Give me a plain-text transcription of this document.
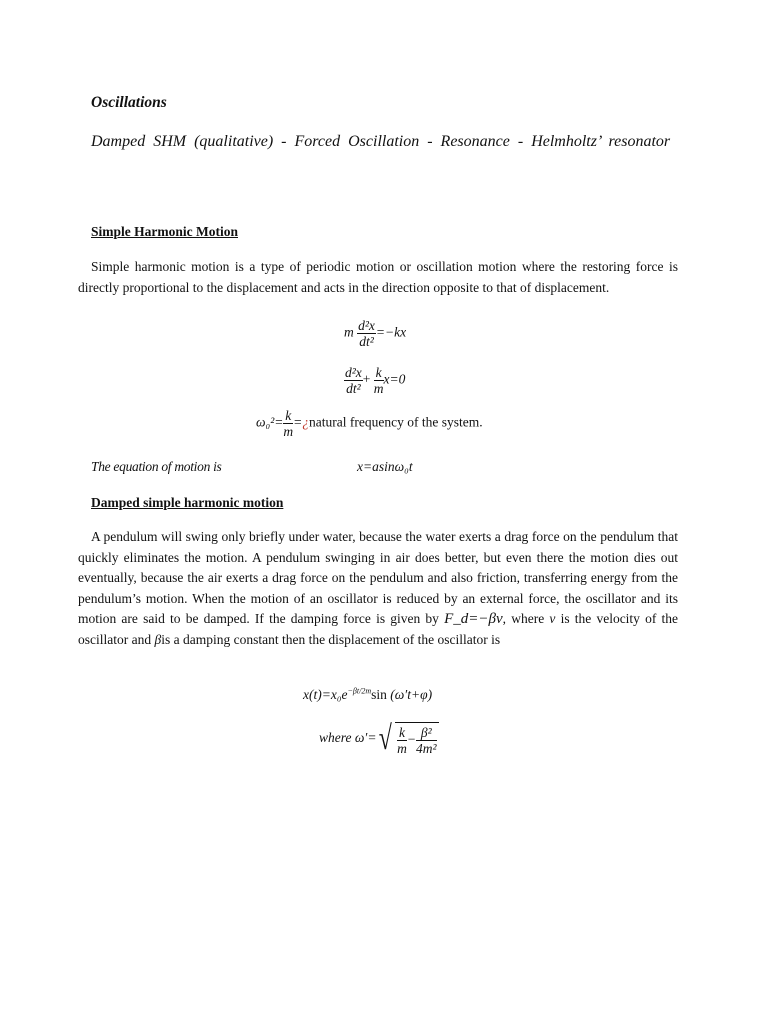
Oscillations
Damped SHM (qualitative) - Forced Oscillation - Resonance - Helmholtz’ resonator
Simple Harmonic Motion
Simple harmonic motion is a type of periodic motion or oscillation motion where the restoring force is directly proportional to the displacement and acts in the direction opposite to that of displacement.
m $\frac{\text{d²x}}{\text{dt²}} =-kx$
$\frac{\text{d²x}}{\text{dt²}} + \frac{k}{m} x=0$
$\omega_0^2= \frac{k}{m}$ =¿natural frequency of the system.
The equation of motion is	x=asinω₀t
Damped simple harmonic motion
A pendulum will swing only briefly under water, because the water exerts a drag force on the pendulum that quickly eliminates the motion. A pendulum swinging in air does better, but even there the motion dies out eventually, because the air exerts a drag force on the pendulum and also friction, transferring energy from the pendulum’s motion. When the motion of an oscillator is reduced by an external force, the oscillator and its motion are said to be damped. If the damping force is given by F_d=−βv, where v is the velocity of the oscillator and βis a damping constant then the displacement of the oscillator is
$x(t)=x_0e^{-\beta t/2m}\sin$ (ω′t+φ)
where $\omega'=√ \frac{k}{m} - \frac{\text{β²}}{\text{4m²}}$
